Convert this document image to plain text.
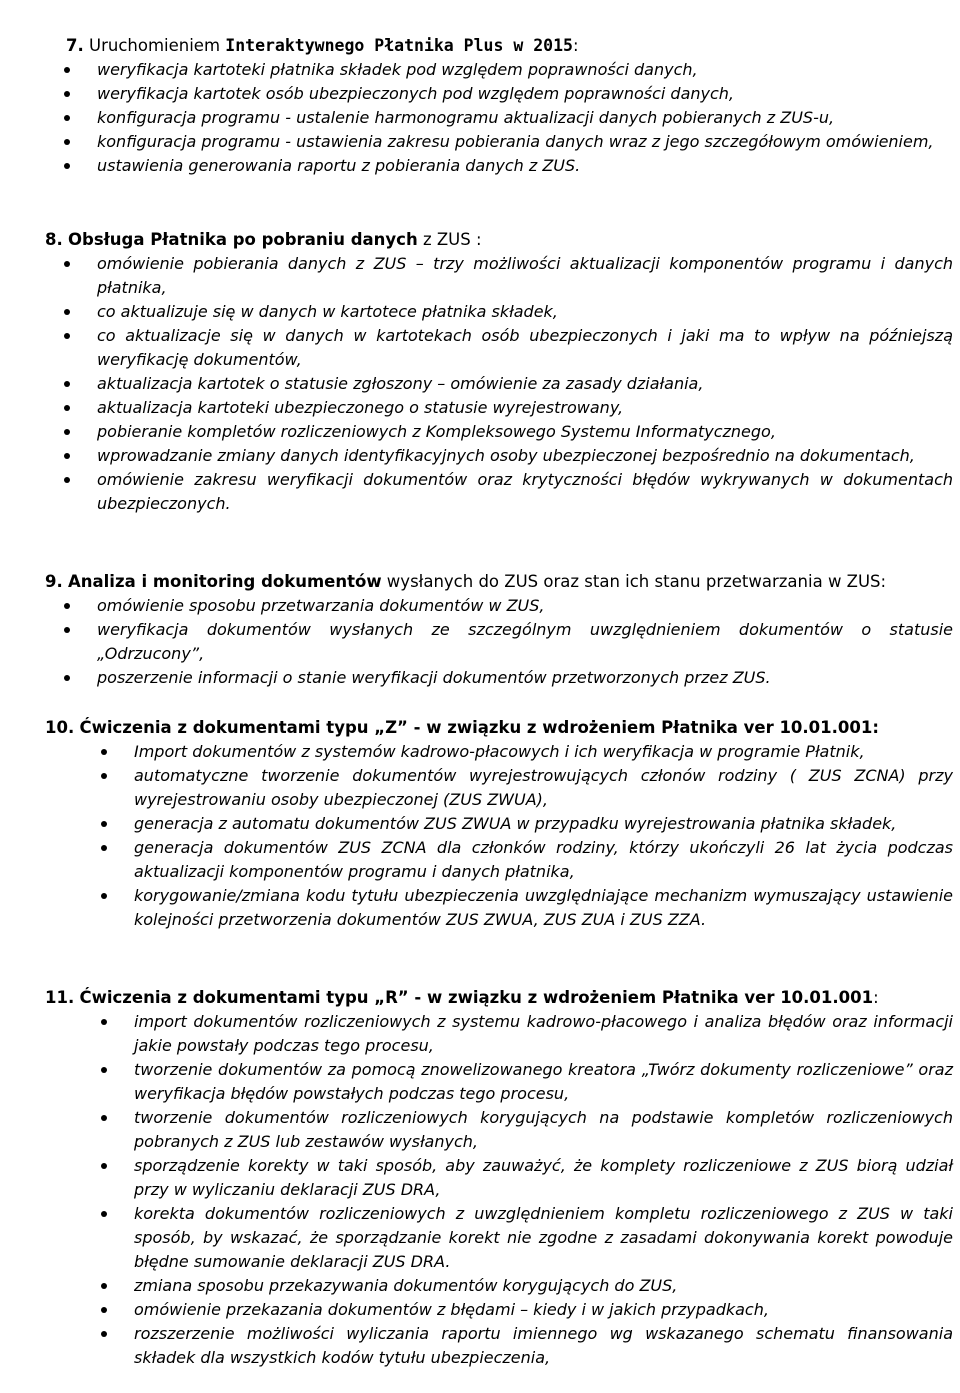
7. Uruchomieniem Interaktywnego Płatnika Plus w 2015:
weryfikacja kartoteki płatnika składek pod względem poprawności danych,
weryfikacja kartotek osób ubezpieczonych pod względem poprawności danych,
konfiguracja programu - ustalenie harmonogramu aktualizacji danych pobieranych z ZUS-u,
konfiguracja programu - ustawienia zakresu pobierania danych wraz z jego szczegółowym omówieniem,
ustawienia generowania raportu z pobierania danych z ZUS.
8. Obsługa Płatnika po pobraniu danych z ZUS :
omówienie pobierania danych z ZUS – trzy możliwości aktualizacji komponentów programu i danych płatnika,
co aktualizuje się w danych w kartotece płatnika składek,
co aktualizacje się w danych w kartotekach osób ubezpieczonych i jaki ma to wpływ na późniejszą weryfikację dokumentów,
aktualizacja kartotek o statusie zgłoszony – omówienie za zasady działania,
aktualizacja kartoteki ubezpieczonego o statusie wyrejestrowany,
pobieranie kompletów rozliczeniowych z Kompleksowego Systemu Informatycznego,
wprowadzanie zmiany danych identyfikacyjnych osoby ubezpieczonej bezpośrednio na dokumentach,
omówienie zakresu weryfikacji dokumentów oraz krytyczności błędów wykrywanych w dokumentach ubezpieczonych.
9. Analiza i monitoring dokumentów wysłanych do ZUS oraz stan ich stanu przetwarzania w ZUS:
omówienie sposobu przetwarzania dokumentów w ZUS,
weryfikacja dokumentów wysłanych ze szczególnym uwzględnieniem dokumentów o statusie „Odrzucony”,
poszerzenie informacji o stanie weryfikacji dokumentów przetworzonych przez ZUS.
10. Ćwiczenia z dokumentami typu „Z” - w związku z wdrożeniem Płatnika ver 10.01.001:
Import dokumentów z systemów kadrowo-płacowych i ich weryfikacja w programie Płatnik,
automatyczne tworzenie dokumentów wyrejestrowujących członów rodziny ( ZUS ZCNA) przy wyrejestrowaniu osoby ubezpieczonej (ZUS ZWUA),
generacja z automatu dokumentów ZUS ZWUA w przypadku wyrejestrowania płatnika składek,
generacja dokumentów ZUS ZCNA dla członków rodziny, którzy ukończyli 26 lat życia podczas aktualizacji komponentów programu i danych płatnika,
korygowanie/zmiana kodu tytułu ubezpieczenia uwzględniające mechanizm wymuszający ustawienie kolejności przetworzenia dokumentów ZUS ZWUA, ZUS ZUA i ZUS ZZA.
11. Ćwiczenia z dokumentami typu „R” - w związku z wdrożeniem Płatnika ver 10.01.001:
import dokumentów rozliczeniowych z systemu kadrowo-płacowego i analiza błędów oraz informacji jakie powstały podczas tego procesu,
tworzenie dokumentów za pomocą znowelizowanego kreatora „Twórz dokumenty rozliczeniowe” oraz weryfikacja błędów powstałych podczas tego procesu,
tworzenie dokumentów rozliczeniowych korygujących na podstawie kompletów rozliczeniowych pobranych z ZUS lub zestawów wysłanych,
sporządzenie korekty w taki sposób, aby zauważyć, że komplety rozliczeniowe z ZUS biorą udział przy w wyliczaniu deklaracji ZUS DRA,
korekta dokumentów rozliczeniowych z uwzględnieniem kompletu rozliczeniowego z ZUS w taki sposób, by wskazać, że sporządzanie korekt nie zgodne z zasadami dokonywania korekt powoduje błędne sumowanie deklaracji ZUS DRA.
zmiana sposobu przekazywania dokumentów korygujących do ZUS,
omówienie przekazania dokumentów z błędami – kiedy i w jakich przypadkach,
rozszerzenie możliwości wyliczania raportu imiennego wg wskazanego schematu finansowania składek dla wszystkich kodów tytułu ubezpieczenia,
